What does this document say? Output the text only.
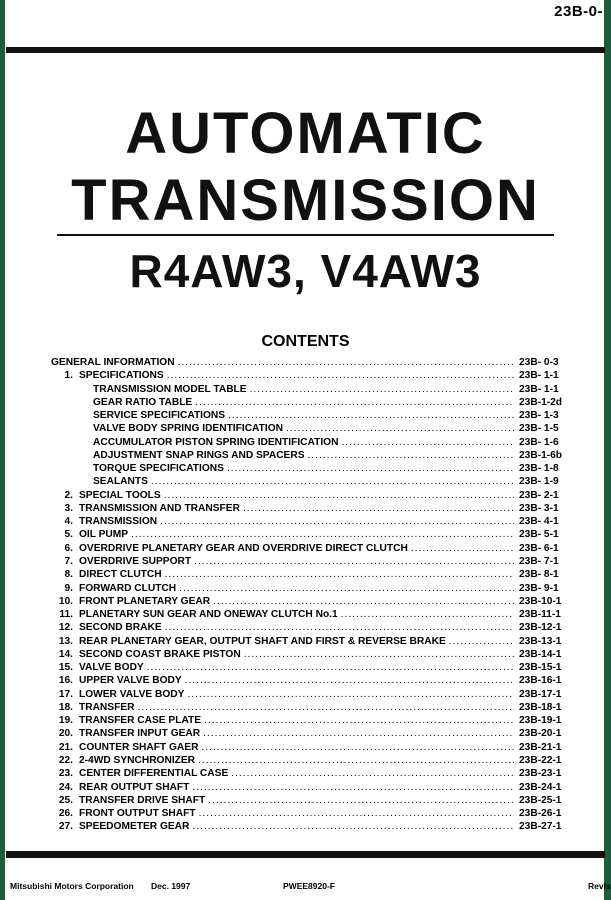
23B-0-
AUTOMATIC
TRANSMISSION
R4AW3, V4AW3
CONTENTS
GENERAL INFORMATION .....	23B- 0-3
1. SPECIFICATIONS .....	23B- 1-1
TRANSMISSION MODEL TABLE .....	23B- 1-1
GEAR RATIO TABLE .....	23B-1-2d
SERVICE SPECIFICATIONS .....	23B- 1-3
VALVE BODY SPRING IDENTIFICATION .....	23B- 1-5
ACCUMULATOR PISTON SPRING IDENTIFICATION .....	23B- 1-6
ADJUSTMENT SNAP RINGS AND SPACERS .....	23B-1-6b
TORQUE SPECIFICATIONS .....	23B- 1-8
SEALANTS .....	23B- 1-9
2. SPECIAL TOOLS .....	23B- 2-1
3. TRANSMISSION AND TRANSFER .....	23B- 3-1
4. TRANSMISSION .....	23B- 4-1
5. OIL PUMP .....	23B- 5-1
6. OVERDRIVE PLANETARY GEAR AND OVERDRIVE DIRECT CLUTCH .....	23B- 6-1
7. OVERDRIVE SUPPORT .....	23B- 7-1
8. DIRECT CLUTCH .....	23B- 8-1
9. FORWARD CLUTCH .....	23B- 9-1
10. FRONT PLANETARY GEAR .....	23B-10-1
11. PLANETARY SUN GEAR AND ONEWAY CLUTCH No.1 .....	23B-11-1
12. SECOND BRAKE .....	23B-12-1
13. REAR PLANETARY GEAR, OUTPUT SHAFT AND FIRST & REVERSE BRAKE .....	23B-13-1
14. SECOND COAST BRAKE PISTON .....	23B-14-1
15. VALVE BODY .....	23B-15-1
16. UPPER VALVE BODY .....	23B-16-1
17. LOWER VALVE BODY .....	23B-17-1
18. TRANSFER .....	23B-18-1
19. TRANSFER CASE PLATE .....	23B-19-1
20. TRANSFER INPUT GEAR .....	23B-20-1
21. COUNTER SHAFT GAER .....	23B-21-1
22. 2-4WD SYNCHRONIZER .....	23B-22-1
23. CENTER DIFFERENTIAL CASE .....	23B-23-1
24. REAR OUTPUT SHAFT .....	23B-24-1
25. TRANSFER DRIVE SHAFT .....	23B-25-1
26. FRONT OUTPUT SHAFT .....	23B-26-1
27. SPEEDOMETER GEAR .....	23B-27-1
Mitsubishi Motors Corporation Dec. 1997	PWEE8920-F	Revis
